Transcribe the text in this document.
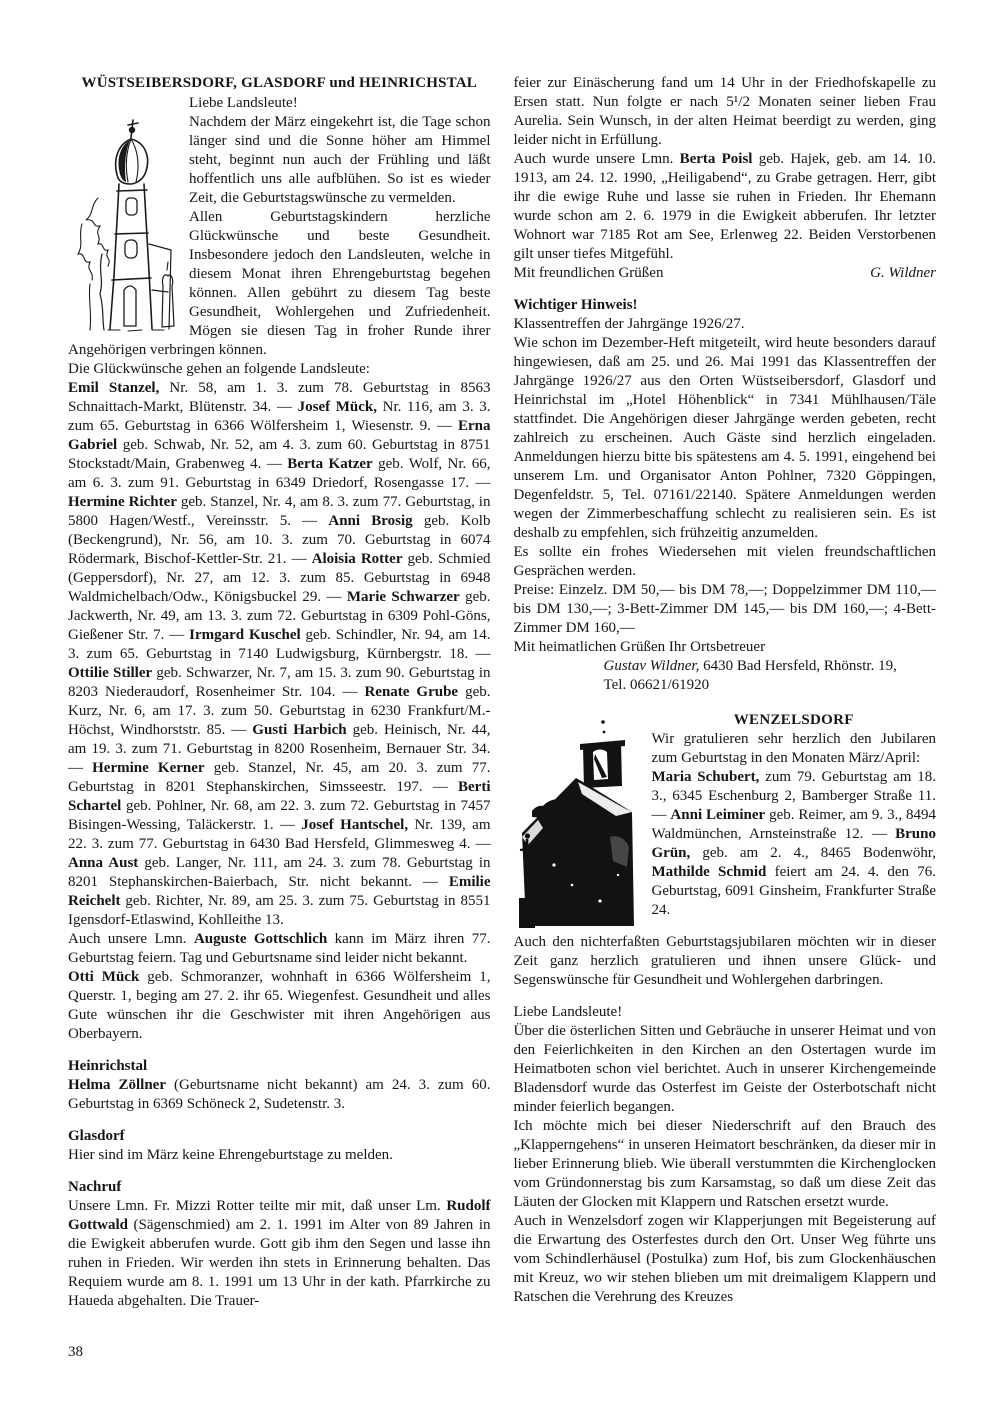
WÜSTSEIBERSDORF, GLASDORF und HEINRICHSTAL

Liebe Landsleute!

Nachdem der März eingekehrt ist, die Tage schon länger sind und die Sonne höher am Himmel steht, beginnt nun auch der Frühling und läßt hoffentlich uns alle aufblühen. So ist es wieder Zeit, die Geburtstagswünsche zu vermelden.

Allen Geburtstagskindern herzliche Glückwünsche und beste Gesundheit. Insbesondere jedoch den Landsleuten, welche in diesem Monat ihren Ehrengeburtstag begehen können. Allen gebührt zu diesem Tag beste Gesundheit, Wohlergehen und Zufriedenheit. Mögen sie diesen Tag in froher Runde ihrer Angehörigen verbringen können.

Die Glückwünsche gehen an folgende Landsleute:

Emil Stanzel, Nr. 58, am 1. 3. zum 78. Geburtstag in 8563 Schnaittach-Markt, Blütenstr. 34. — Josef Mück, Nr. 116, am 3. 3. zum 65. Geburtstag in 6366 Wölfersheim 1, Wiesenstr. 9. — Erna Gabriel geb. Schwab, Nr. 52, am 4. 3. zum 60. Geburtstag in 8751 Stockstadt/Main, Grabenweg 4. — Berta Katzer geb. Wolf, Nr. 66, am 6. 3. zum 91. Geburtstag in 6349 Driedorf, Rosengasse 17. — Hermine Richter geb. Stanzel, Nr. 4, am 8. 3. zum 77. Geburtstag, in 5800 Hagen/Westf., Vereinsstr. 5. — Anni Brosig geb. Kolb (Beckengrund), Nr. 56, am 10. 3. zum 70. Geburtstag in 6074 Rödermark, Bischof-Kettler-Str. 21. — Aloisia Rotter geb. Schmied (Geppersdorf), Nr. 27, am 12. 3. zum 85. Geburtstag in 6948 Waldmichelbach/Odw., Königsbuckel 29. — Marie Schwarzer geb. Jackwerth, Nr. 49, am 13. 3. zum 72. Geburtstag in 6309 Pohl-Göns, Gießener Str. 7. — Irmgard Kuschel geb. Schindler, Nr. 94, am 14. 3. zum 65. Geburtstag in 7140 Ludwigsburg, Kürnbergstr. 18. — Ottilie Stiller geb. Schwarzer, Nr. 7, am 15. 3. zum 90. Geburtstag in 8203 Niederaudorf, Rosenheimer Str. 104. — Renate Grube geb. Kurz, Nr. 6, am 17. 3. zum 50. Geburtstag in 6230 Frankfurt/M.-Höchst, Windhorststr. 85. — Gusti Harbich geb. Heinisch, Nr. 44, am 19. 3. zum 71. Geburtstag in 8200 Rosenheim, Bernauer Str. 34. — Hermine Kerner geb. Stanzel, Nr. 45, am 20. 3. zum 77. Geburtstag in 8201 Stephanskirchen, Simsseestr. 197. — Berti Schartel geb. Pohlner, Nr. 68, am 22. 3. zum 72. Geburtstag in 7457 Bisingen-Wessing, Taläckerstr. 1. — Josef Hantschel, Nr. 139, am 22. 3. zum 77. Geburtstag in 6430 Bad Hersfeld, Glimmesweg 4. — Anna Aust geb. Langer, Nr. 111, am 24. 3. zum 78. Geburtstag in 8201 Stephanskirchen-Baierbach, Str. nicht bekannt. — Emilie Reichelt geb. Richter, Nr. 89, am 25. 3. zum 75. Geburtstag in 8551 Igensdorf-Etlaswind, Kohlleithe 13.

Auch unsere Lmn. Auguste Gottschlich kann im März ihren 77. Geburtstag feiern. Tag und Geburtsname sind leider nicht bekannt.

Otti Mück geb. Schmoranzer, wohnhaft in 6366 Wölfersheim 1, Querstr. 1, beging am 27. 2. ihr 65. Wiegenfest. Gesundheit und alles Gute wünschen ihr die Geschwister mit ihren Angehörigen aus Oberbayern.

Heinrichstal

Helma Zöllner (Geburtsname nicht bekannt) am 24. 3. zum 60. Geburtstag in 6369 Schöneck 2, Sudetenstr. 3.

Glasdorf

Hier sind im März keine Ehrengeburtstage zu melden.

Nachruf

Unsere Lmn. Fr. Mizzi Rotter teilte mir mit, daß unser Lm. Rudolf Gottwald (Sägenschmied) am 2. 1. 1991 im Alter von 89 Jahren in die Ewigkeit abberufen wurde. Gott gib ihm den Segen und lasse ihn ruhen in Frieden. Wir werden ihn stets in Erinnerung behalten. Das Requiem wurde am 8. 1. 1991 um 13 Uhr in der kath. Pfarrkirche zu Haueda abgehalten. Die Trauer-

feier zur Einäscherung fand um 14 Uhr in der Friedhofskapelle zu Ersen statt. Nun folgte er nach 5¹/2 Monaten seiner lieben Frau Aurelia. Sein Wunsch, in der alten Heimat beerdigt zu werden, ging leider nicht in Erfüllung.

Auch wurde unsere Lmn. Berta Poisl geb. Hajek, geb. am 14. 10. 1913, am 24. 12. 1990, „Heiligabend“, zu Grabe getragen. Herr, gibt ihr die ewige Ruhe und lasse sie ruhen in Frieden. Ihr Ehemann wurde schon am 2. 6. 1979 in die Ewigkeit abberufen. Ihr letzter Wohnort war 7185 Rot am See, Erlenweg 22. Beiden Verstorbenen gilt unser tiefes Mitgefühl.

Mit freundlichen Grüßen	G. Wildner

Wichtiger Hinweis!

Klassentreffen der Jahrgänge 1926/27.

Wie schon im Dezember-Heft mitgeteilt, wird heute besonders darauf hingewiesen, daß am 25. und 26. Mai 1991 das Klassentreffen der Jahrgänge 1926/27 aus den Orten Wüstseibersdorf, Glasdorf und Heinrichstal im „Hotel Höhenblick“ in 7341 Mühlhausen/Täle stattfindet. Die Angehörigen dieser Jahrgänge werden gebeten, recht zahlreich zu erscheinen. Auch Gäste sind herzlich eingeladen. Anmeldungen hierzu bitte bis spätestens am 4. 5. 1991, eingehend bei unserem Lm. und Organisator Anton Pohlner, 7320 Göppingen, Degenfeldstr. 5, Tel. 07161/22140. Spätere Anmeldungen werden wegen der Zimmerbeschaffung schlecht zu realisieren sein. Es ist deshalb zu empfehlen, sich frühzeitig anzumelden.

Es sollte ein frohes Wiedersehen mit vielen freundschaftlichen Gesprächen werden.

Preise: Einzelz. DM 50,— bis DM 78,—; Doppelzimmer DM 110,— bis DM 130,—; 3-Bett-Zimmer DM 145,— bis DM 160,—; 4-Bett-Zimmer DM 160,—

Mit heimatlichen Grüßen Ihr Ortsbetreuer

Gustav Wildner, 6430 Bad Hersfeld, Rhönstr. 19,

Tel. 06621/61920

WENZELSDORF

Wir gratulieren sehr herzlich den Jubilaren zum Geburtstag in den Monaten März/April:

Maria Schubert, zum 79. Geburtstag am 18. 3., 6345 Eschenburg 2, Bamberger Straße 11. — Anni Leiminer geb. Reimer, am 9. 3., 8494 Waldmünchen, Arnsteinstraße 12. — Bruno Grün, geb. am 2. 4., 8465 Bodenwöhr, Mathilde Schmid feiert am 24. 4. den 76. Geburtstag, 6091 Ginsheim, Frankfurter Straße 24.

Auch den nichterfaßten Geburtstagsjubilaren möchten wir in dieser Zeit ganz herzlich gratulieren und ihnen unsere Glück- und Segenswünsche für Gesundheit und Wohlergehen darbringen.

Liebe Landsleute!

Über die österlichen Sitten und Gebräuche in unserer Heimat und von den Feierlichkeiten in den Kirchen an den Ostertagen wurde im Heimatboten schon viel berichtet. Auch in unserer Kirchengemeinde Bladensdorf wurde das Osterfest im Geiste der Osterbotschaft nicht minder feierlich begangen.

Ich möchte mich bei dieser Niederschrift auf den Brauch des „Klapperngehens“ in unseren Heimatort beschränken, da dieser mir in lieber Erinnerung blieb. Wie überall verstummten die Kirchenglocken vom Gründonnerstag bis zum Karsamstag, so daß um diese Zeit das Läuten der Glocken mit Klappern und Ratschen ersetzt wurde.

Auch in Wenzelsdorf zogen wir Klapperjungen mit Begeisterung auf die Erwartung des Osterfestes durch den Ort. Unser Weg führte uns vom Schindlerhäusel (Postulka) zum Hof, bis zum Glockenhäuschen mit Kreuz, wo wir stehen blieben um mit dreimaligem Klappern und Ratschen die Verehrung des Kreuzes

38
